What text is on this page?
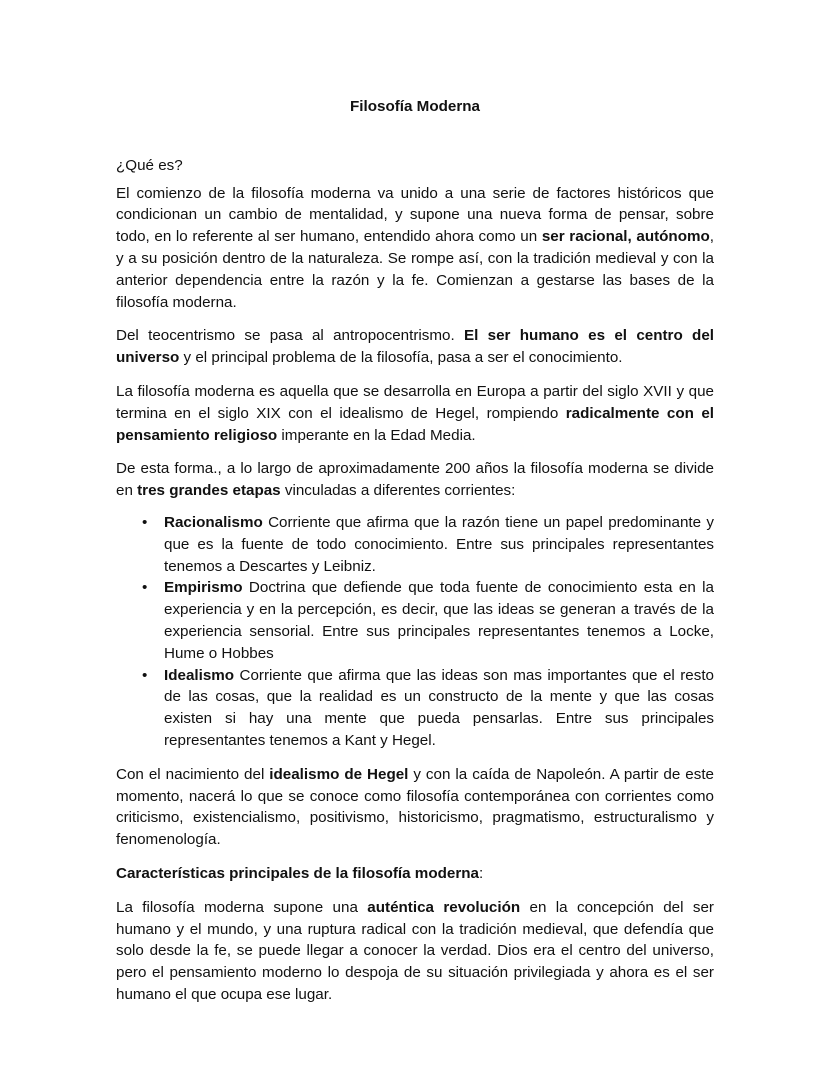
Filosofía Moderna
¿Qué es?

El comienzo de la filosofía moderna va unido a una serie de factores históricos que condicionan un cambio de mentalidad, y supone una nueva forma de pensar, sobre todo, en lo referente al ser humano, entendido ahora como un ser racional, autónomo, y a su posición dentro de la naturaleza. Se rompe así, con la tradición medieval y con la anterior dependencia entre la razón y la fe. Comienzan a gestarse las bases de la filosofía moderna.

Del teocentrismo se pasa al antropocentrismo. El ser humano es el centro del universo y el principal problema de la filosofía, pasa a ser el conocimiento.

La filosofía moderna es aquella que se desarrolla en Europa a partir del siglo XVII y que termina en el siglo XIX con el idealismo de Hegel, rompiendo radicalmente con el pensamiento religioso imperante en la Edad Media.

De esta forma., a lo largo de aproximadamente 200 años la filosofía moderna se divide en tres grandes etapas vinculadas a diferentes corrientes:

• Racionalismo Corriente que afirma que la razón tiene un papel predominante y que es la fuente de todo conocimiento. Entre sus principales representantes tenemos a Descartes y Leibniz.
• Empirismo Doctrina que defiende que toda fuente de conocimiento esta en la experiencia y en la percepción, es decir, que las ideas se generan a través de la experiencia sensorial. Entre sus principales representantes tenemos a Locke, Hume o Hobbes
• Idealismo Corriente que afirma que las ideas son mas importantes que el resto de las cosas, que la realidad es un constructo de la mente y que las cosas existen si hay una mente que pueda pensarlas. Entre sus principales representantes tenemos a Kant y Hegel.

Con el nacimiento del idealismo de Hegel y con la caída de Napoleón. A partir de este momento, nacerá lo que se conoce como filosofía contemporánea con corrientes como criticismo, existencialismo, positivismo, historicismo, pragmatismo, estructuralismo y fenomenología.

Características principales de la filosofía moderna:

La filosofía moderna supone una auténtica revolución en la concepción del ser humano y el mundo, y una ruptura radical con la tradición medieval, que defendía que solo desde la fe, se puede llegar a conocer la verdad. Dios era el centro del universo, pero el pensamiento moderno lo despoja de su situación privilegiada y ahora es el ser humano el que ocupa ese lugar.
